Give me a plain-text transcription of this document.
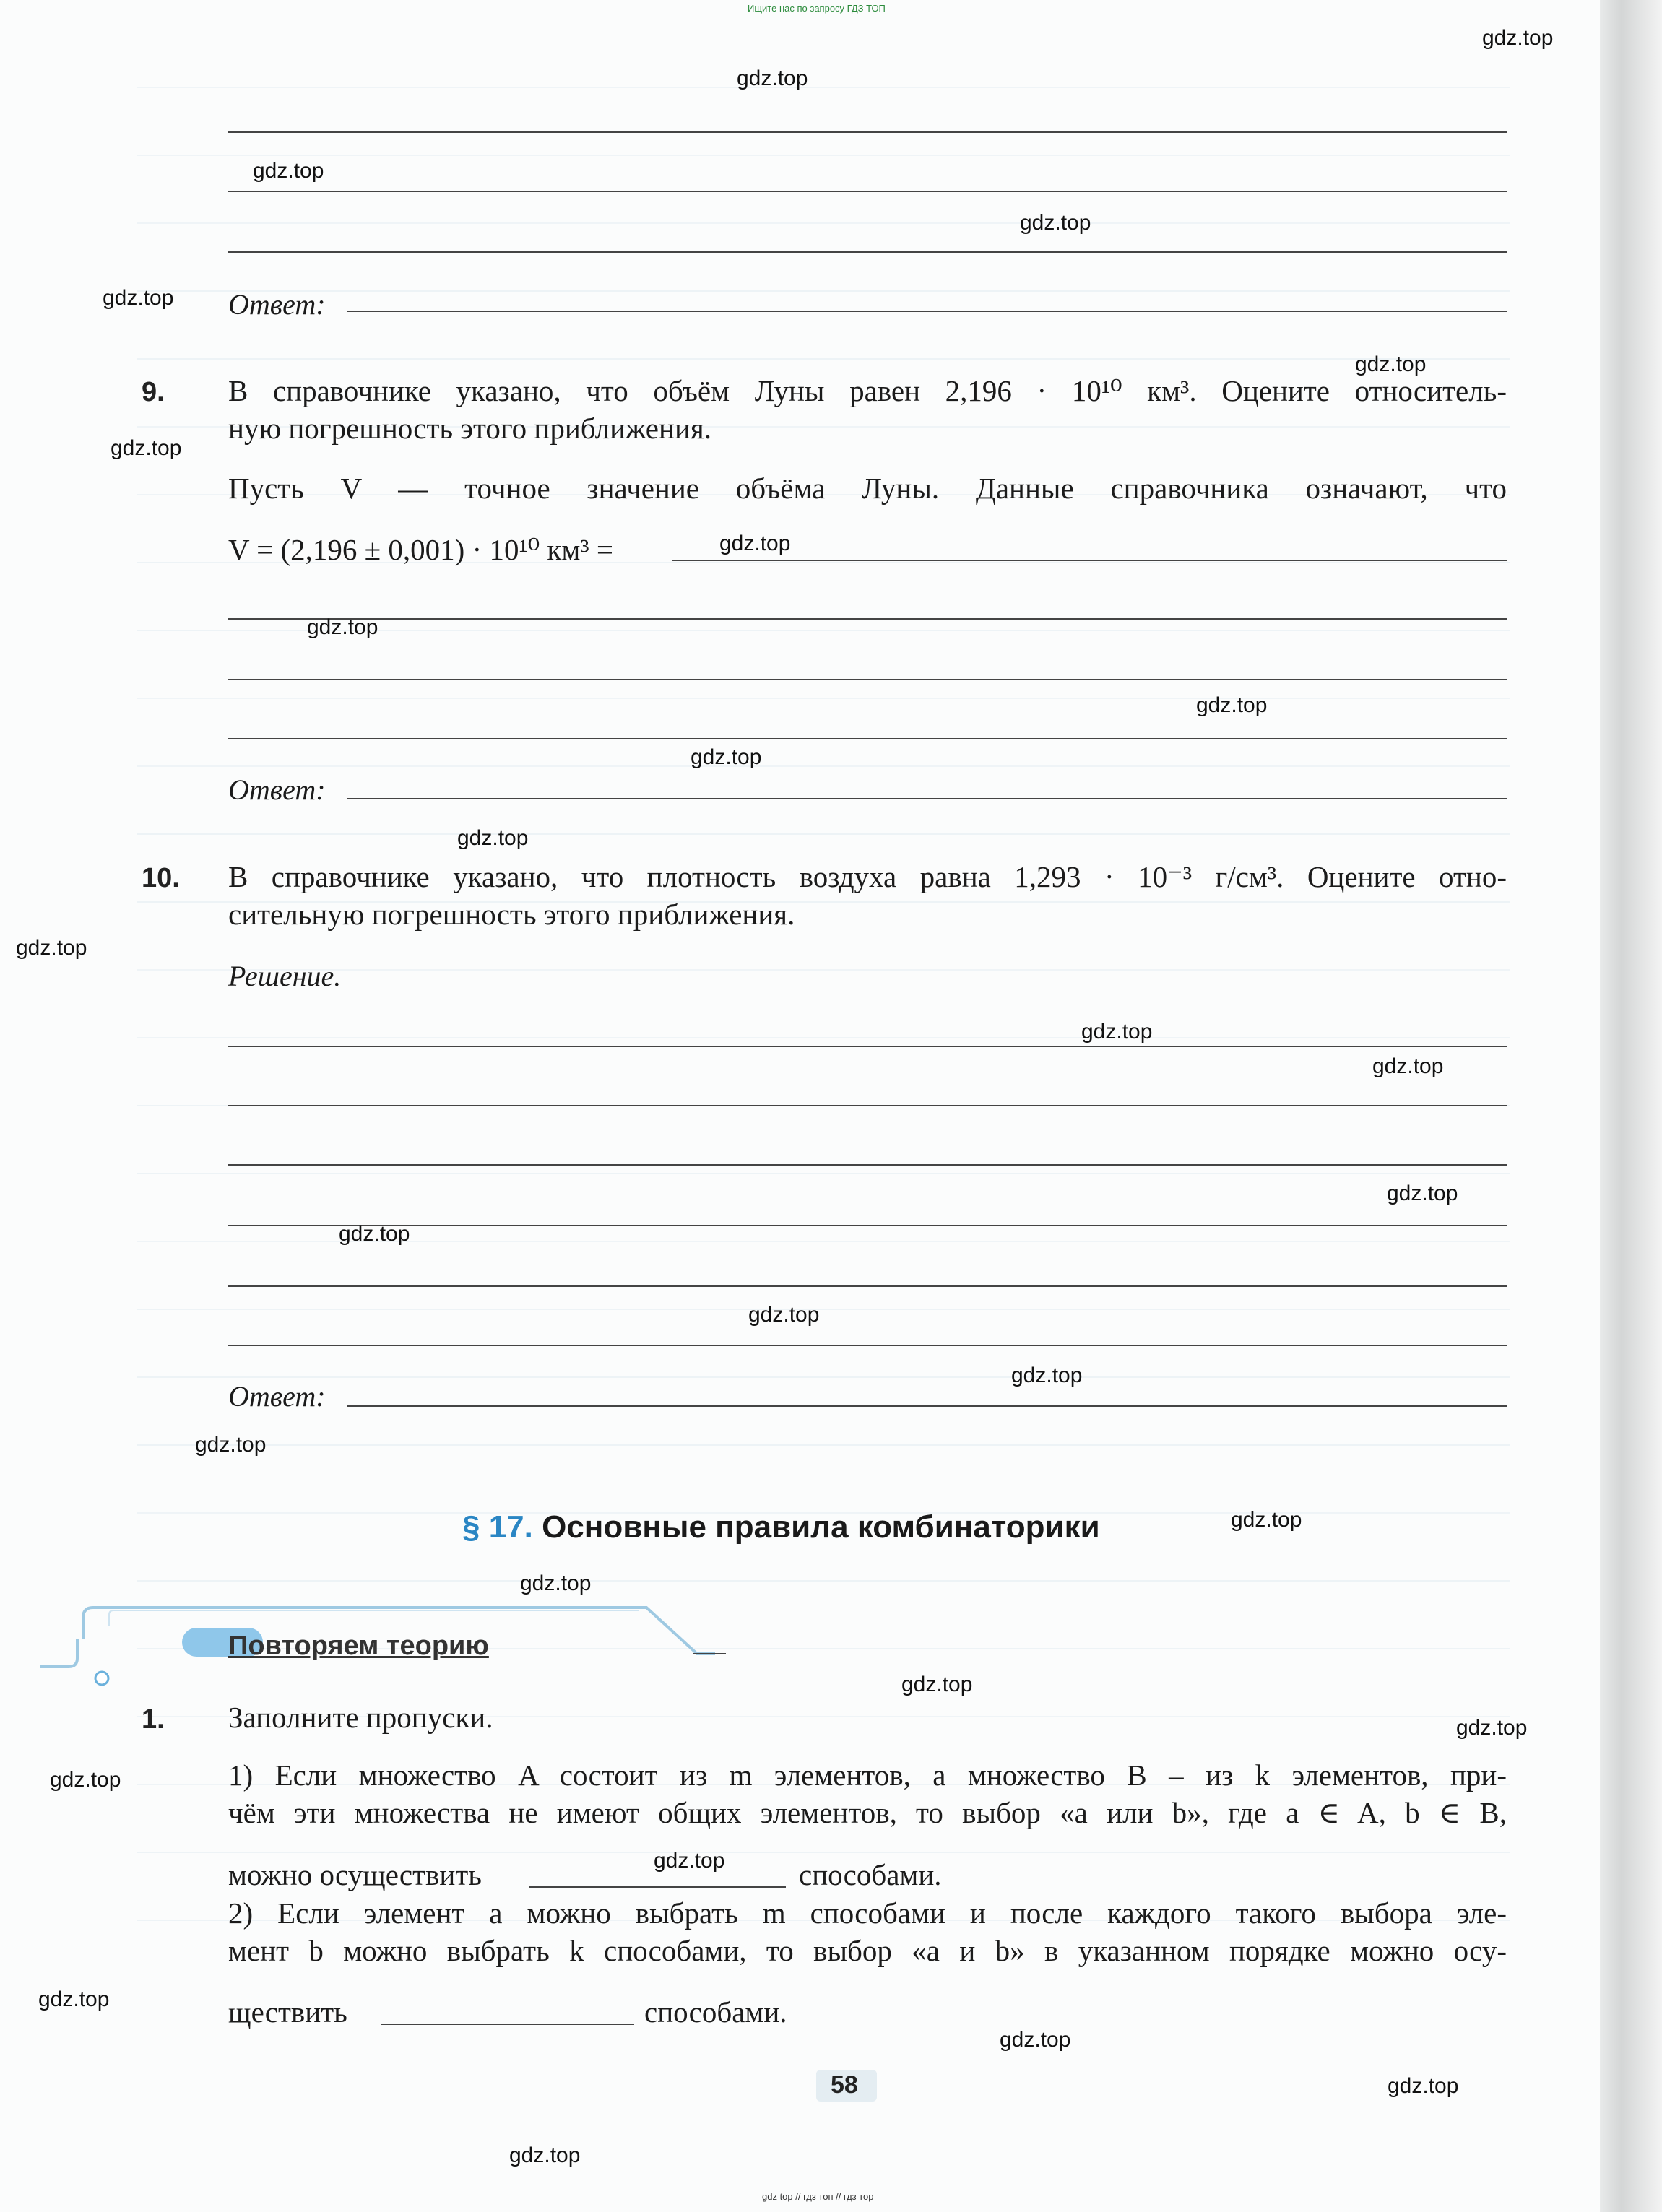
Ищите нас по запросу ГДЗ ТОП
Ответ:
9. В справочнике указано, что объём Луны равен 2,196 · 10¹⁰ км³. Оцените относитель-
ную погрешность этого приближения.
Пусть V — точное значение объёма Луны. Данные справочника означают, что
V = (2,196 ± 0,001) · 10¹⁰ км³ =
Ответ:
10. В справочнике указано, что плотность воздуха равна 1,293 · 10⁻³ г/см³. Оцените отно-
сительную погрешность этого приближения.
Решение.
Ответ:
§ 17. Основные правила комбинаторики
Повторяем теорию
1. Заполните пропуски.
1) Если множество A состоит из m элементов, а множество B – из k элементов, при-
чём эти множества не имеют общих элементов, то выбор «a или b», где a ∈ A, b ∈ B,
можно осуществить	способами.
2) Если элемент a можно выбрать m способами и после каждого такого выбора эле-
мент b можно выбрать k способами, то выбор «a и b» в указанном порядке можно осу-
ществить	способами.
58
gdz top // гдз топ // гдз тор
gdz.top
gdz.top
gdz.top
gdz.top
gdz.top
gdz.top
gdz.top
gdz.top
gdz.top
gdz.top
gdz.top
gdz.top
gdz.top
gdz.top
gdz.top
gdz.top
gdz.top
gdz.top
gdz.top
gdz.top
gdz.top
gdz.top
gdz.top
gdz.top
gdz.top
gdz.top
gdz.top
gdz.top
gdz.top
gdz.top
